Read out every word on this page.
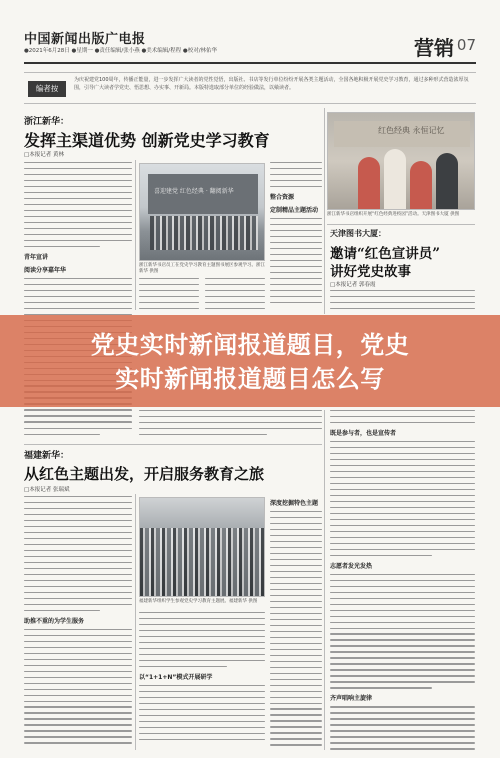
中国新闻出版广电报
●2021年6月28日 ●星期一 ●责任编辑/张小燕 ●美术编辑/程程 ●校对/林佑华	营销 07
编者按
为庆祝建党100周年，传播正能量，进一步发挥广大读者的党性觉悟，出版社、书店等发行单位纷纷开展各类主题活动，全国各地积极开展党史学习教育，通过多种形式营造浓厚氛围，引导广大读者学党史、悟思想、办实事、开新局。本版特选取部分单位的经验做法，以飨读者。
浙江新华：
发挥主渠道优势 创新党史学习教育
□本报记者 黄林
青年宣讲
阅读分享嘉年华
喜迎建党 红色经典 · 翻阅新华
浙江新华书店员工在党史学习教育主题图书展区参观学习。浙江新华 供图
整合资源
定制精品主题活动
红色经典 永恒记忆
浙江新华书店组织开展“红色经典进校园”活动。天津图书大厦 供图
天津图书大厦：
邀请“红色宣讲员”
讲好党史故事
□本报记者 郭春霞
党史实时新闻报道题目，党史
实时新闻报道题目怎么写
福建新华：
从红色主题出发，开启服务教育之旅
□本报记者 张瑞斌
助推不重的为学生服务
福建新华组织学生参观党史学习教育主题展。福建新华 供图
以“1+1+N”模式开展研学
深度挖掘特色主题
既是参与者，也是宣传者
志愿者发光发热
齐声唱响主旋律
